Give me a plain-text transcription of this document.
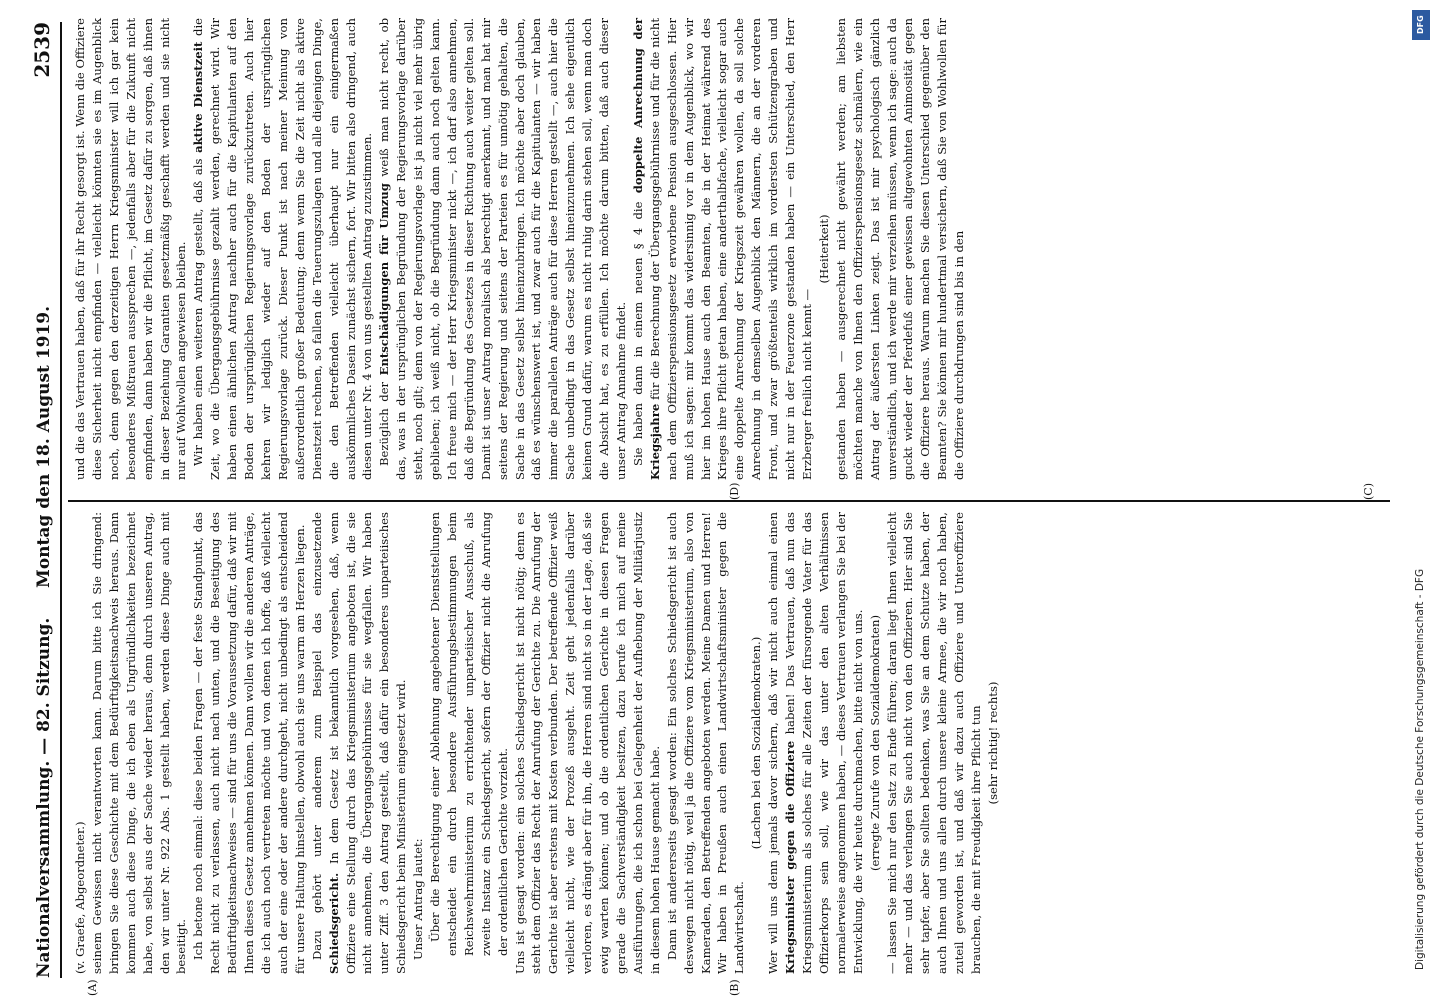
Nationalversammlung. — 82. Sitzung.
Montag den 18. August 1919.
2539
(A)	(B)
(D)	(C)

(v. Graefe, Abgeordneter.) seinem Gewissen nicht verantworten kann. Darum bitte ich Sie dringend: bringen Sie diese Geschichte mit dem Bedürftigkeitsnachweis heraus. Dann kommen auch diese Dinge, die ich eben als Ungründlichkeiten bezeichnet habe, von selbst aus der Sache wieder heraus, denn durch unseren Antrag, den wir unter Nr. 922 Abs. 1 gestellt haben, werden diese Dinge auch mit beseitigt. Ich betone noch einmal: diese beiden Fragen — der feste Standpunkt, das Recht nicht zu verlassen, auch nicht nach unten, und die Beseitigung des Bedürftigkeitsnachweises — sind für uns die Voraussetzung dafür, daß wir mit Ihnen dieses Gesetz annehmen können. Dann wollen wir die anderen Anträge, die ich auch noch vertreten möchte und von denen ich hoffe, daß vielleicht auch der eine oder der andere durchgeht, nicht unbedingt als entscheidend für unsere Haltung hinstellen, obwohl auch sie uns warm am Herzen liegen. Dazu gehört unter anderem zum Beispiel das einzusetzende Schiedsgericht. In dem Gesetz ist bekanntlich vorgesehen, daß, wenn Offiziere eine Stellung durch das Kriegsministerium angeboten ist, die sie nicht annehmen, die Übergangsgebührnisse für sie wegfallen. Wir haben unter Ziff. 3 den Antrag gestellt, daß dafür ein besonderes unparteiisches Schiedsgericht beim Ministerium eingesetzt wird. Unser Antrag lautet: Über die Berechtigung einer Ablehnung angebotener Dienststellungen entscheidet ein durch besondere Ausführungsbestimmungen beim Reichswehrministerium zu errichtender unparteiischer Ausschuß, als zweite Instanz ein Schiedsgericht, sofern der Offizier nicht die Anrufung der ordentlichen Gerichte vorzieht. Uns ist gesagt worden: ein solches Schiedsgericht ist nicht nötig; denn es steht dem Offizier das Recht der Anrufung der Gerichte zu. Die Anrufung der Gerichte ist aber erstens mit Kosten verbunden. Der betreffende Offizier weiß vielleicht nicht, wie der Prozeß ausgeht. Zeit geht jedenfalls darüber verloren, es drängt aber für ihn, die Herren sind nicht so in der Lage, daß sie ewig warten können; und ob die ordentlichen Gerichte in diesen Fragen gerade die Sachverständigkeit besitzen, dazu berufe ich mich auf meine Ausführungen, die ich schon bei Gelegenheit der Aufhebung der Militärjustiz in diesem hohen Hause gemacht habe. Dann ist andererseits gesagt worden: Ein solches Schiedsgericht ist auch deswegen nicht nötig, weil ja die Offiziere vom Kriegsministerium, also von Kameraden, den Betreffenden angeboten werden. Meine Damen und Herren! Wir haben in Preußen auch einen Landwirtschaftsminister gegen die Landwirtschaft.

(Lachen bei den Sozialdemokraten.) Wer will uns denn jemals davor sichern, daß wir nicht auch einmal einen Kriegsminister gegen die Offiziere haben! Das Vertrauen, daß nun das Kriegsministerium als solches für alle Zeiten der fürsorgende Vater für das Offizierkorps sein soll, wie wir das unter den alten Verhältnissen normalerweise angenommen haben, — dieses Vertrauen verlangen Sie bei der Entwicklung, die wir heute durchmachen, bitte nicht von uns. (erregte Zurufe von den Sozialdemokraten) — lassen Sie mich nur den Satz zu Ende führen; daran liegt Ihnen vielleicht mehr — und das verlangen Sie auch nicht von den Offizieren. Hier sind Sie sehr tapfer, aber Sie sollten bedenken, was Sie an dem Schutze haben, der auch Ihnen und uns allen durch unsere kleine Armee, die wir noch haben, zuteil geworden ist, und daß wir dazu auch Offiziere und Unteroffiziere brauchen, die mit Freudigkeit ihre Pflicht tun (sehr richtig! rechts)

und die das Vertrauen haben, daß für ihr Recht gesorgt ist. Wenn die Offiziere diese Sicherheit nicht empfinden — vielleicht könnten sie es im Augenblick noch, denn gegen den derzeitigen Herrn Kriegsminister will ich gar kein besonderes Mißtrauen aussprechen —, jedenfalls aber für die Zukunft nicht empfinden, dann haben wir die Pflicht, im Gesetz dafür zu sorgen, daß ihnen in dieser Beziehung Garantien gesetzmäßig geschafft werden und sie nicht nur auf Wohlwollen angewiesen bleiben. Wir haben einen weiteren Antrag gestellt, daß als aktive Dienstzeit die Zeit, wo die Übergangsgebührnisse gezahlt werden, gerechnet wird. Wir haben einen ähnlichen Antrag nachher auch für die Kapitulanten auf den Boden der ursprünglichen Regierungsvorlage zurückzutreten. Auch hier kehren wir lediglich wieder auf den Boden der ursprünglichen Regierungsvorlage zurück. Dieser Punkt ist nach meiner Meinung von außerordentlich großer Bedeutung; denn wenn Sie die Zeit nicht als aktive Dienstzeit rechnen, so fallen die Teuerungszulagen und alle diejenigen Dinge, die den Betreffenden vielleicht überhaupt nur ein einigermaßen auskömmliches Dasein zunächst sichern, fort. Wir bitten also dringend, auch diesen unter Nr. 4 von uns gestellten Antrag zuzustimmen. Bezüglich der Entschädigungen für Umzug weiß man nicht recht, ob das, was in der ursprünglichen Begründung der Regierungsvorlage darüber steht, noch gilt; denn von der Regierungsvorlage ist ja nicht viel mehr übrig geblieben; ich weiß nicht, ob die Begründung dann auch noch gelten kann. Ich freue mich — der Herr Kriegsminister nickt —, ich darf also annehmen, daß die Begründung des Gesetzes in dieser Richtung auch weiter gelten soll. Damit ist unser Antrag moralisch als berechtigt anerkannt, und man hat mir seitens der Regierung und seitens der Parteien es für unnötig gehalten, die Sache in das Gesetz selbst hineinzubringen. Ich möchte aber doch glauben, daß es wünschenswert ist, und zwar auch für die Kapitulanten — wir haben immer die parallelen Anträge auch für diese Herren gestellt —, auch hier die Sache unbedingt in das Gesetz selbst hineinzunehmen. Ich sehe eigentlich keinen Grund dafür, warum es nicht ruhig darin stehen soll, wenn man doch die Absicht hat, es zu erfüllen. Ich möchte darum bitten, daß auch dieser unser Antrag Annahme findet. Sie haben dann in einem neuen § 4 die doppelte Anrechnung der Kriegsjahre für die Berechnung der Übergangsgebührnisse und für die nicht nach dem Offizierspensionsgesetz erworbene Pension ausgeschlossen. Hier muß ich sagen: mir kommt das widersinnig vor in dem Augenblick, wo wir hier im hohen Hause auch den Beamten, die in der Heimat während des Krieges ihre Pflicht getan haben, eine anderthalbfache, vielleicht sogar auch eine doppelte Anrechnung der Kriegszeit gewähren wollen, da soll solche Anrechnung in demselben Augenblick den Männern, die an der vorderen Front, und zwar größtenteils wirklich im vordersten Schützengraben und nicht nur in der Feuerzone gestanden haben — ein Unterschied, den Herr Erzberger freilich nicht kennt —

(Heiterkeit) gestanden haben — ausgerechnet nicht gewährt werden; am liebsten möchten manche von Ihnen den Offizierspensionsgesetz schmälern, wie ein Antrag der äußersten Linken zeigt. Das ist mir psychologisch gänzlich unverständlich, und ich werde mir verzeihen müssen, wenn ich sage: auch da guckt wieder der Pferdefuß einer gewissen altgewohnten Animosität gegen die Offiziere heraus. Warum machen Sie diesen Unterschied gegenüber den Beamten? Sie können mir hundertmal versichern, daß Sie von Wohlwollen für die Offiziere durchdrungen sind bis in den

DFG
Digitalisierung gefördert durch die Deutsche Forschungsgemeinschaft - DFG
